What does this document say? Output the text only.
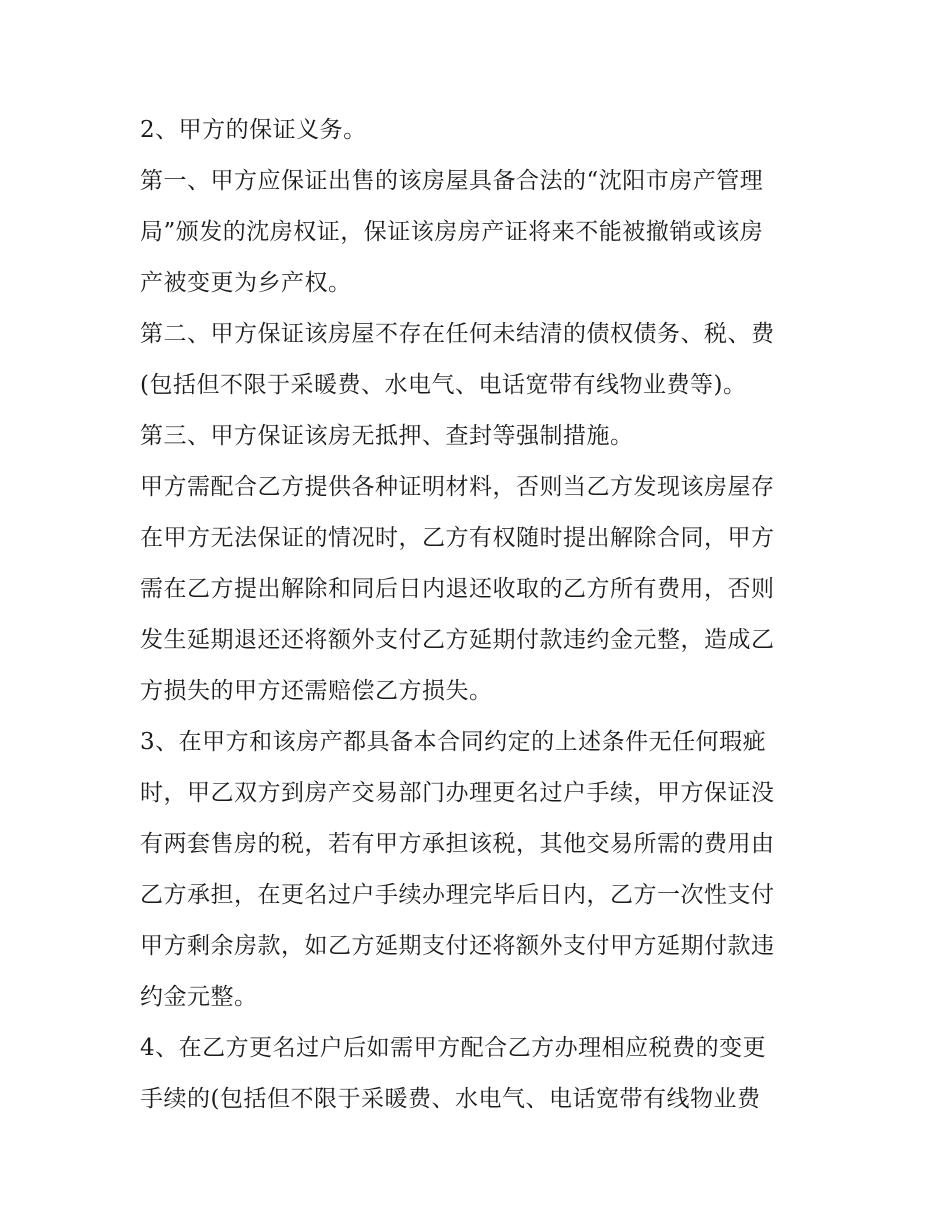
2、甲方的保证义务。
第一、甲方应保证出售的该房屋具备合法的“沈阳市房产管理
局”颁发的沈房权证，保证该房房产证将来不能被撤销或该房
产被变更为乡产权。
第二、甲方保证该房屋不存在任何未结清的债权债务、税、费
(包括但不限于采暖费、水电气、电话宽带有线物业费等)。
第三、甲方保证该房无抵押、查封等强制措施。
甲方需配合乙方提供各种证明材料，否则当乙方发现该房屋存
在甲方无法保证的情况时，乙方有权随时提出解除合同，甲方
需在乙方提出解除和同后日内退还收取的乙方所有费用，否则
发生延期退还还将额外支付乙方延期付款违约金元整，造成乙
方损失的甲方还需赔偿乙方损失。
3、在甲方和该房产都具备本合同约定的上述条件无任何瑕疵
时，甲乙双方到房产交易部门办理更名过户手续，甲方保证没
有两套售房的税，若有甲方承担该税，其他交易所需的费用由
乙方承担，在更名过户手续办理完毕后日内，乙方一次性支付
甲方剩余房款，如乙方延期支付还将额外支付甲方延期付款违
约金元整。
4、在乙方更名过户后如需甲方配合乙方办理相应税费的变更
手续的(包括但不限于采暖费、水电气、电话宽带有线物业费
